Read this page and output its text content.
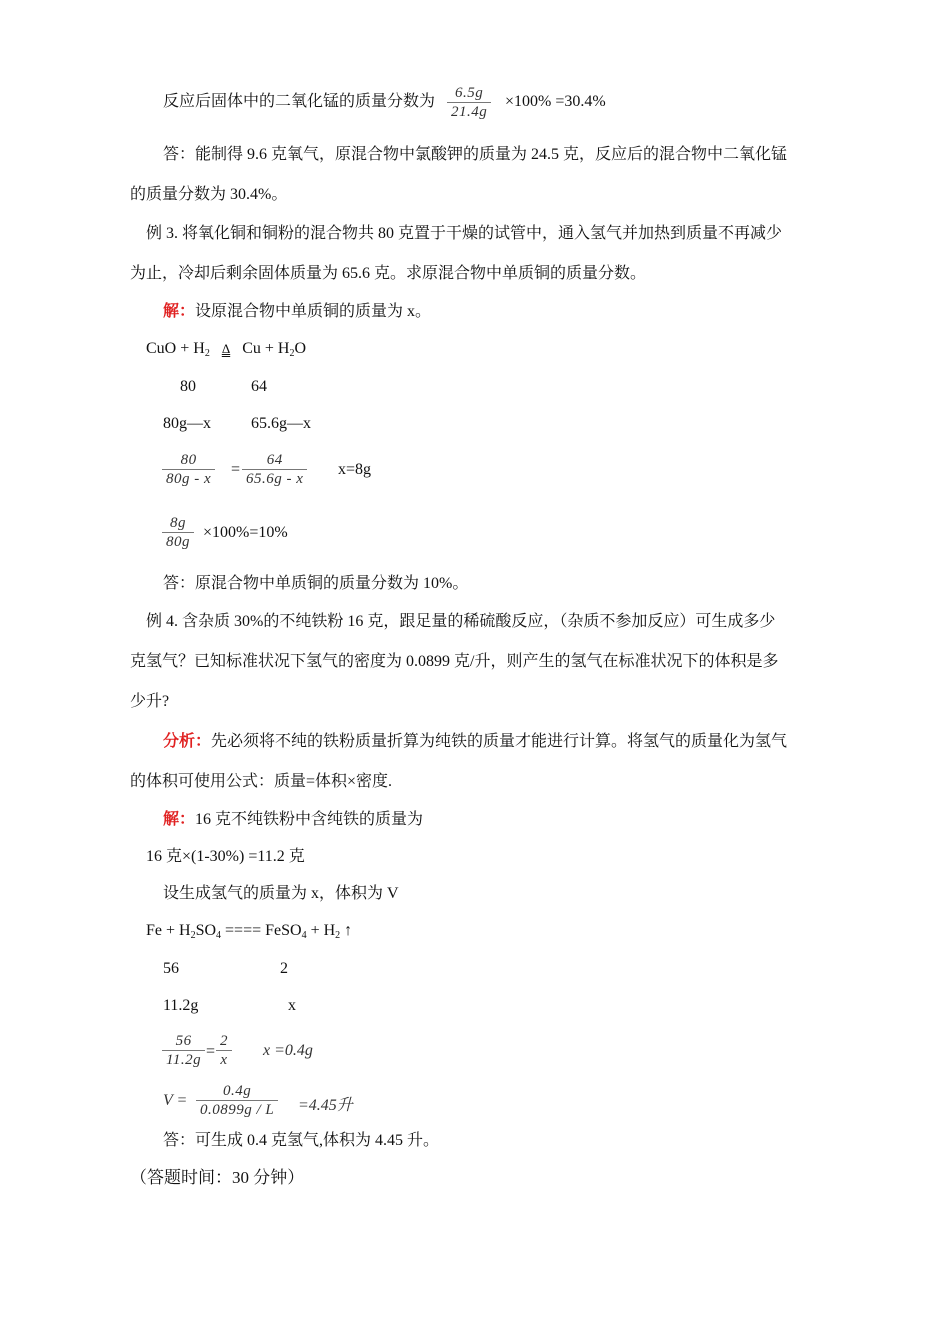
反应后固体中的二氧化锰的质量分数为 6.5g
21.4g
×100% =30.4%
答：能制得 9.6 克氧气，原混合物中氯酸钾的质量为 24.5 克，反应后的混合物中二氧化锰
的质量分数为 30.4%。
例 3. 将氧化铜和铜粉的混合物共 80 克置于干燥的试管中，通入氢气并加热到质量不再减少
为止，冷却后剩余固体质量为 65.6 克。求原混合物中单质铜的质量分数。
解：设原混合物中单质铜的质量为 x。
CuO + $H_2$ Δ $Cu + H_2O$
80	64
80g—x	65.6g—x
80
80g - x
=
64
65.6g - x
x=8g
8g
80g
×100%=10%
答：原混合物中单质铜的质量分数为 10%。
例 4. 含杂质 30%的不纯铁粉 16 克，跟足量的稀硫酸反应，（杂质不参加反应）可生成多少
克氢气？已知标准状况下氢气的密度为 0.0899 克/升，则产生的氢气在标准状况下的体积是多
少升?
分析：先必须将不纯的铁粉质量折算为纯铁的质量才能进行计算。将氢气的质量化为氢气
的体积可使用公式：质量=体积×密度.
解：16 克不纯铁粉中含纯铁的质量为
16 克×(1-30%) =11.2 克
设生成氢气的质量为 x，体积为 V
$Fe + H_2SO_4$ ==== FeSO$_4$ + $H_2$ ↑
56	2
11.2g	x
56
11.2g =
2
x
x =0.4g
V =
0.4g
0.0899g / L =4.45升
答：可生成 0.4 克氢气,体积为 4.45 升。
（答题时间：30 分钟）
